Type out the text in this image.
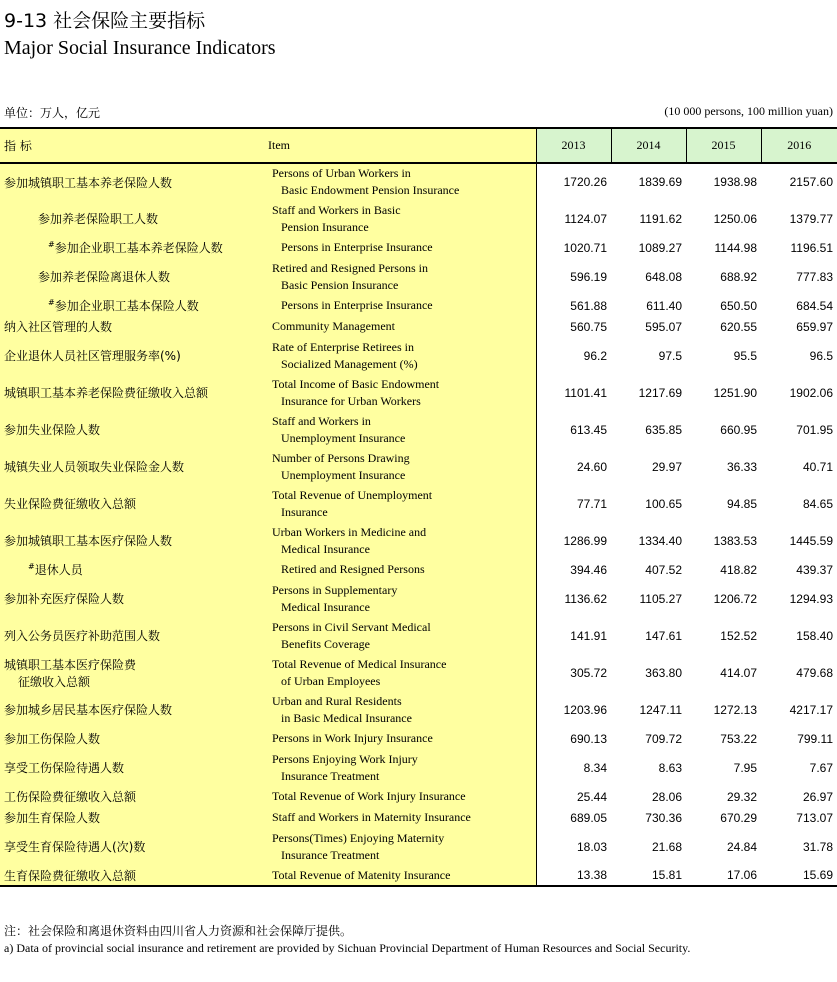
9-13 社会保险主要指标
Major Social Insurance Indicators
单位：万人，亿元	(10 000 persons, 100 million yuan)
指 标	Item	2013	2014	2015	2016
参加城镇职工基本养老保险人数	Persons of Urban Workers in
Basic Endowment Pension Insurance	1720.26	1839.69	1938.98	2157.60
参加养老保险职工人数	Staff and Workers in Basic
Pension Insurance	1124.07	1191.62	1250.06	1379.77
#参加企业职工基本养老保险人数	Persons in Enterprise Insurance	1020.71	1089.27	1144.98	1196.51
参加养老保险离退休人数	Retired and Resigned Persons in
Basic Pension Insurance	596.19	648.08	688.92	777.83
#参加企业职工基本保险人数	Persons in Enterprise Insurance	561.88	611.40	650.50	684.54
纳入社区管理的人数	Community Management	560.75	595.07	620.55	659.97
企业退休人员社区管理服务率(%)	Rate of Enterprise Retirees in
Socialized Management (%)	96.2	97.5	95.5	96.5
城镇职工基本养老保险费征缴收入总额	Total Income of Basic Endowment
Insurance for Urban Workers	1101.41	1217.69	1251.90	1902.06
参加失业保险人数	Staff and Workers in
Unemployment Insurance	613.45	635.85	660.95	701.95
城镇失业人员领取失业保险金人数	Number of Persons Drawing
Unemployment Insurance	24.60	29.97	36.33	40.71
失业保险费征缴收入总额	Total Revenue of Unemployment
Insurance	77.71	100.65	94.85	84.65
参加城镇职工基本医疗保险人数	Urban Workers in Medicine and
Medical Insurance	1286.99	1334.40	1383.53	1445.59
#退休人员	Retired and Resigned Persons	394.46	407.52	418.82	439.37
参加补充医疗保险人数	Persons in Supplementary
Medical Insurance	1136.62	1105.27	1206.72	1294.93
列入公务员医疗补助范围人数	Persons in Civil Servant Medical
Benefits Coverage	141.91	147.61	152.52	158.40
城镇职工基本医疗保险费
征缴收入总额	Total Revenue of Medical Insurance
of Urban Employees	305.72	363.80	414.07	479.68
参加城乡居民基本医疗保险人数	Urban and Rural Residents
in Basic Medical Insurance	1203.96	1247.11	1272.13	4217.17
参加工伤保险人数	Persons in Work Injury Insurance	690.13	709.72	753.22	799.11
享受工伤保险待遇人数	Persons Enjoying Work Injury
Insurance Treatment	8.34	8.63	7.95	7.67
工伤保险费征缴收入总额	Total Revenue of Work Injury Insurance	25.44	28.06	29.32	26.97
参加生育保险人数	Staff and Workers in Maternity Insurance	689.05	730.36	670.29	713.07
享受生育保险待遇人(次)数	Persons(Times) Enjoying Maternity
Insurance Treatment	18.03	21.68	24.84	31.78
生育保险费征缴收入总额	Total Revenue of Matenity Insurance	13.38	15.81	17.06	15.69
注：社会保险和离退休资料由四川省人力资源和社会保障厅提供。
a) Data of provincial social insurance and retirement are provided by Sichuan Provincial Department of Human Resources and Social Security.
